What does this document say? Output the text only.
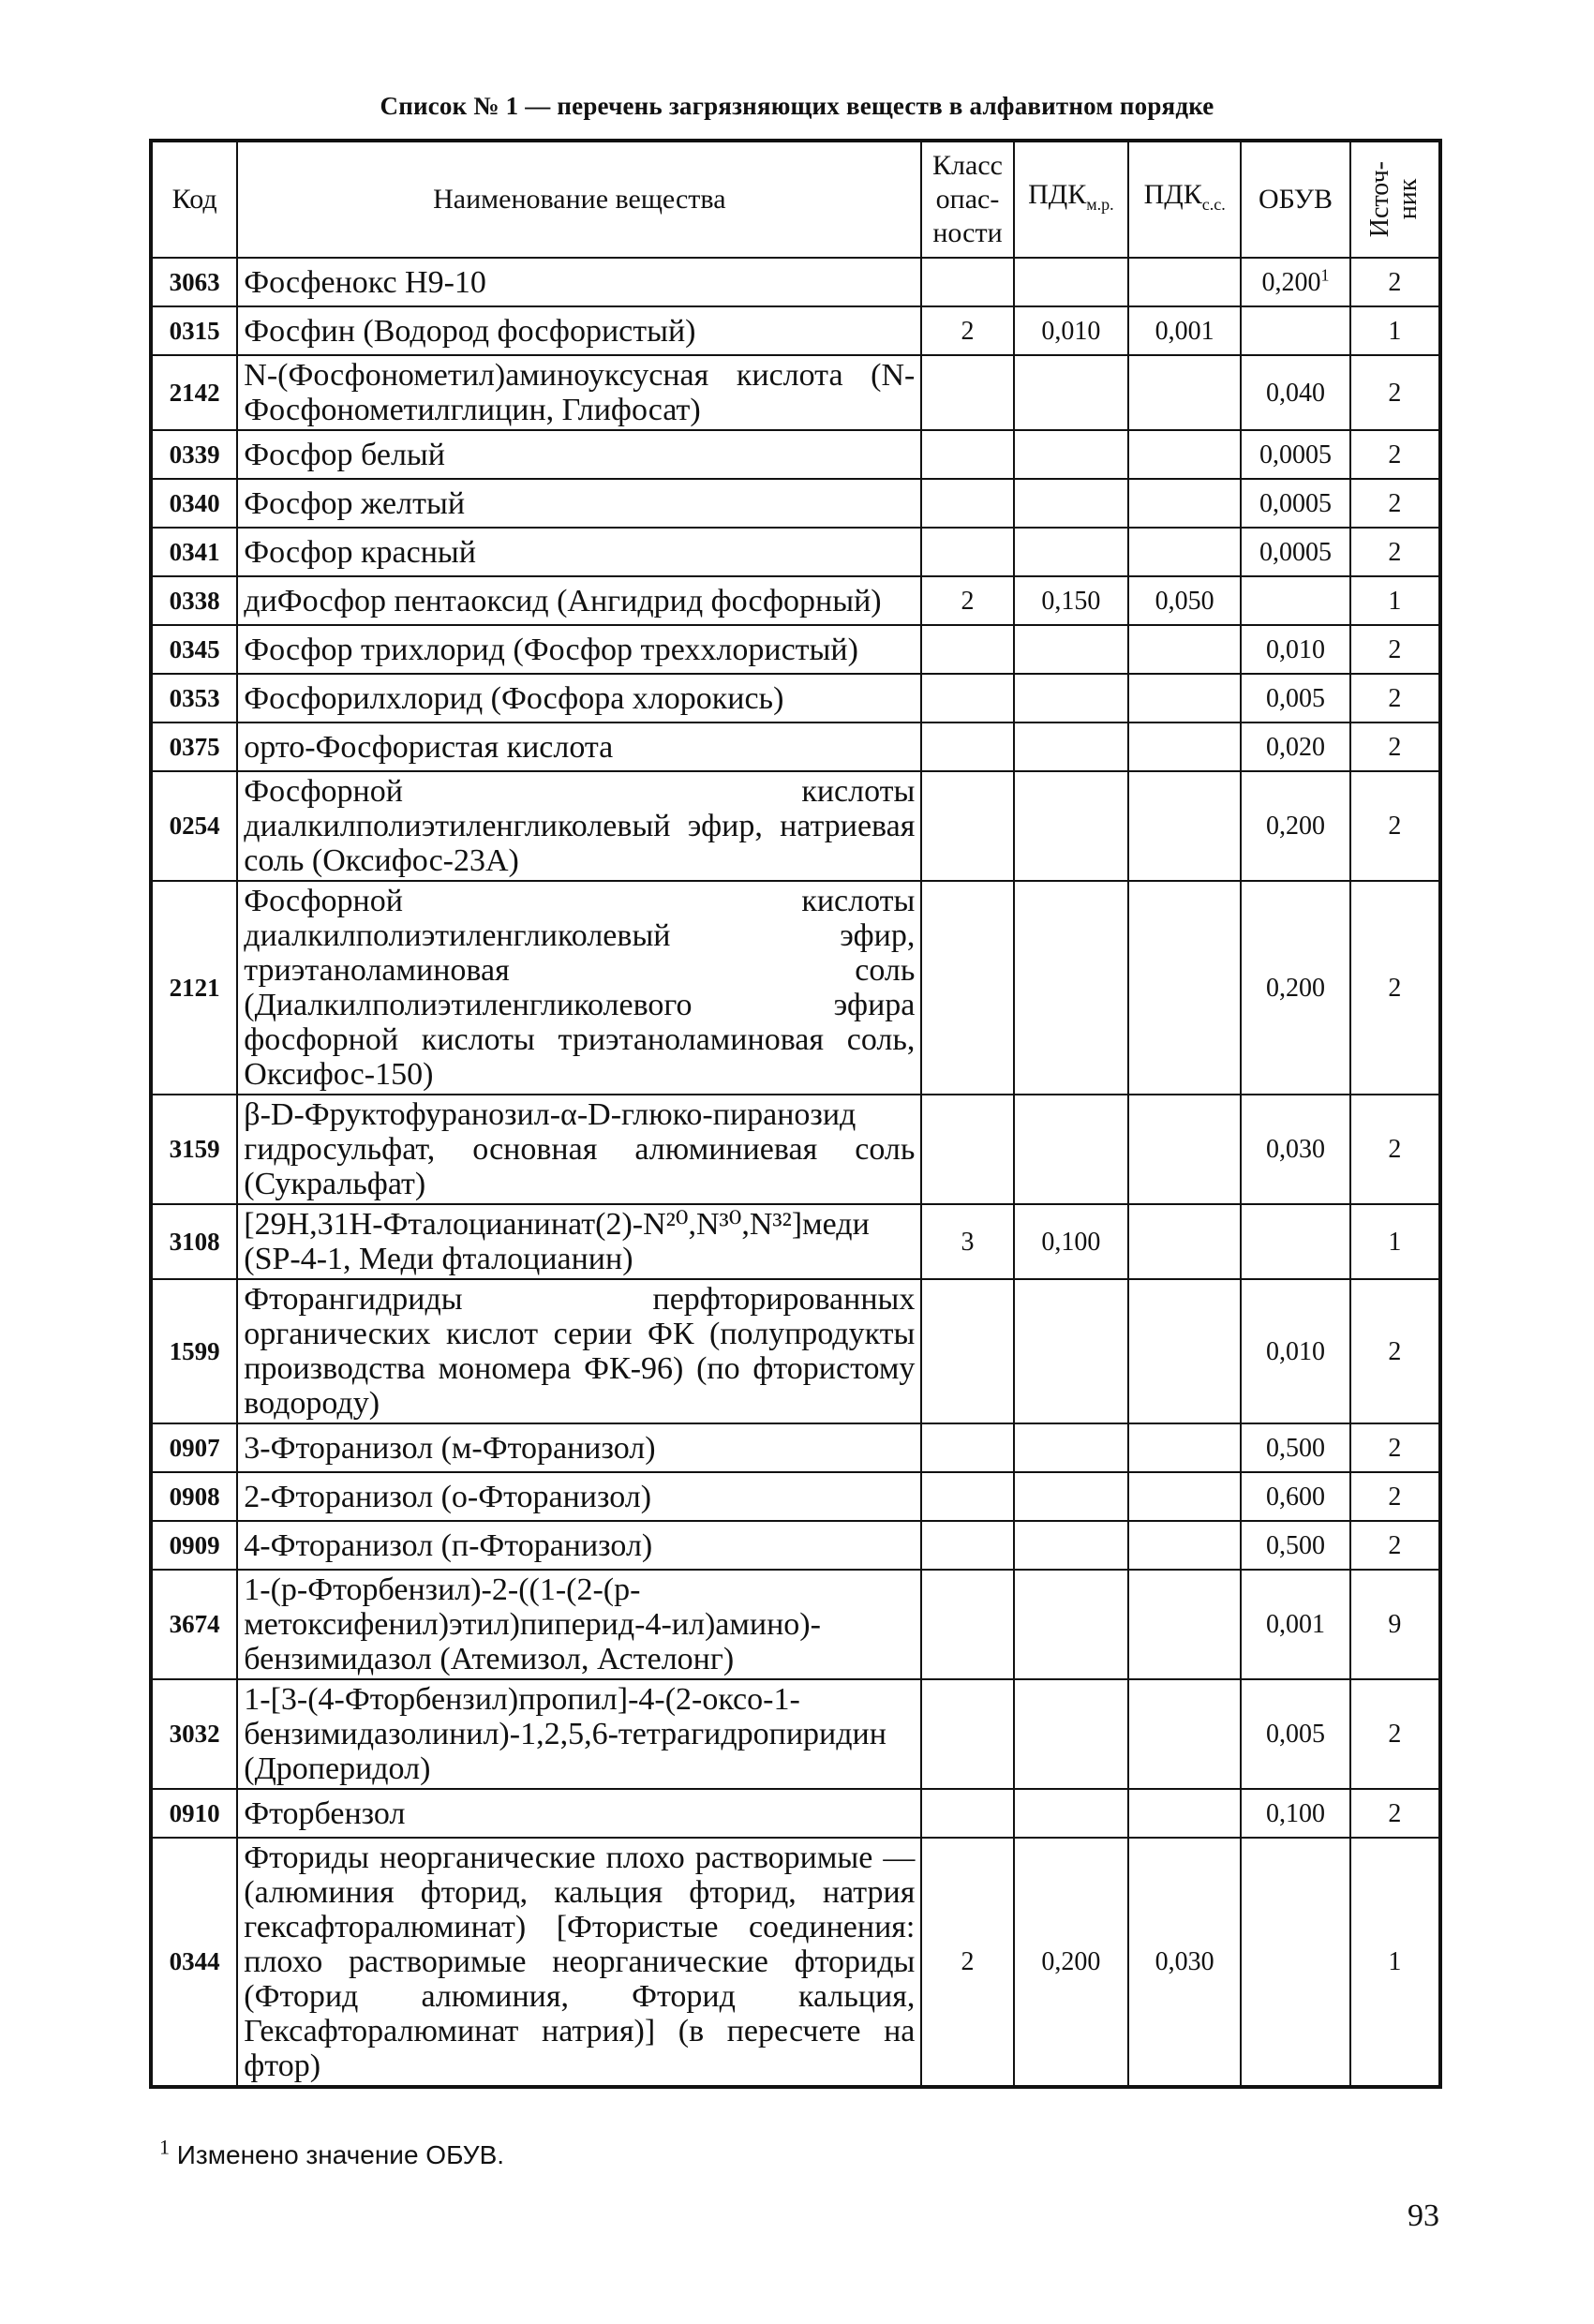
Список № 1 — перечень загрязняющих веществ в алфавитном порядке
Код	Наименование вещества	Класс
опас-
ности	$ПДК_{м.р.}$	$ПДК_{с.с.}$	ОБУВ	Источ-
ник

3063	Фосфенокс Н9-10				0,200$^1$	2
0315	Фосфин (Водород фосфористый)	2	0,010	0,001		1
2142	N-(Фосфонометил)аминоуксусная кислота (N-Фосфонометилглицин, Глифосат)				0,040	2
0339	Фосфор белый				0,0005	2
0340	Фосфор желтый				0,0005	2
0341	Фосфор красный				0,0005	2
0338	диФосфор пентаоксид (Ангидрид фосфорный)	2	0,150	0,050		1
0345	Фосфор трихлорид (Фосфор треххлористый)				0,010	2
0353	Фосфорилхлорид (Фосфора хлорокись)				0,005	2
0375	орто-Фосфористая кислота				0,020	2
0254	Фосфорной кислоты диалкилполиэтиленгликолевый эфир, натриевая соль (Оксифос-23А)				0,200	2
2121	Фосфорной кислоты диалкилполиэтиленгликолевый эфир, триэтаноламиновая соль (Диалкилполиэтиленгликолевого эфира фосфорной кислоты триэтаноламиновая соль, Оксифос-150)				0,200	2
3159	β-D-Фруктофуранозил-α-D-глюко-пиранозид гидросульфат, основная алюминиевая соль (Сукральфат)				0,030	2
3108	[29Н,31Н-Фталоцианинат(2)-N²⁰,N³⁰,N³²]меди (SP-4-1, Меди фталоцианин)	3	0,100			1
1599	Фторангидриды перфторированных органических кислот серии ФК (полупродукты производства мономера ФК-96) (по фтористому водороду)				0,010	2
0907	3-Фторанизол (м-Фторанизол)				0,500	2
0908	2-Фторанизол (о-Фторанизол)				0,600	2
0909	4-Фторанизол (п-Фторанизол)				0,500	2
3674	1-(р-Фторбензил)-2-((1-(2-(р-метоксифенил)этил)пиперид-4-ил)амино)-бензимидазол (Атемизол, Астелонг)				0,001	9
3032	1-[3-(4-Фторбензил)пропил]-4-(2-оксо-1-бензимидазолинил)-1,2,5,6-тетрагидропиридин (Дроперидол)				0,005	2
0910	Фторбензол				0,100	2
0344	Фториды неорганические плохо растворимые — (алюминия фторид, кальция фторид, натрия гексафторалюминат) [Фтористые соединения: плохо растворимые неорганические фториды (Фторид алюминия, Фторид кальция, Гексафторалюминат натрия)] (в пересчете на фтор)	2	0,200	0,030		1
$^1$ Изменено значение ОБУВ.
93
